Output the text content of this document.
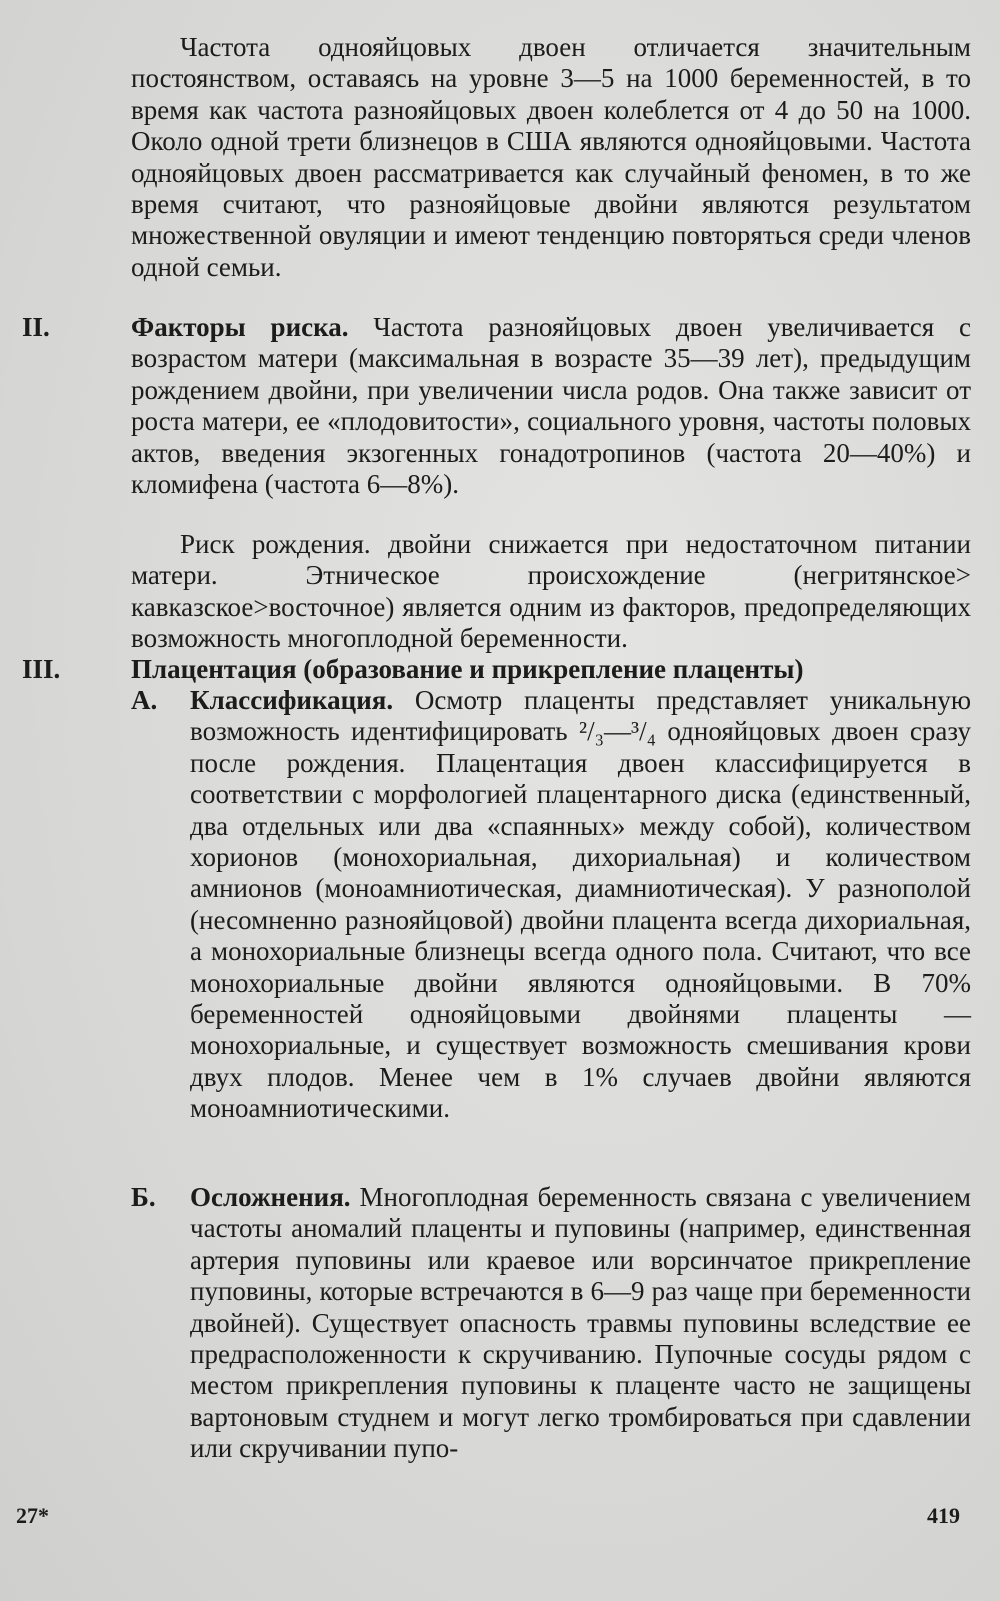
Частота однояйцовых двоен отличается значительным постоянством, оставаясь на уровне 3—5 на 1000 беременностей, в то время как частота разнояйцовых двоен колеблется от 4 до 50 на 1000. Около одной трети близнецов в США являются однояйцовыми. Частота однояйцовых двоен рассматривается как случайный феномен, в то же время считают, что разнояйцовые двойни являются результатом множественной овуляции и имеют тенденцию повторяться среди членов одной семьи.
II.	Факторы риска. Частота разнояйцовых двоен увеличивается с возрастом матери (максимальная в возрасте 35—39 лет), предыдущим рождением двойни, при увеличении числа родов. Она также зависит от роста матери, ее «плодовитости», социального уровня, частоты половых актов, введения экзогенных гонадотропинов (частота 20—40%) и кломифена (частота 6—8%).
Риск рождения. двойни снижается при недостаточном питании матери. Этническое происхождение (негритянское> кавказское>восточное) является одним из факторов, предопределяющих возможность многоплодной беременности.
III.	Плацентация (образование и прикрепление плаценты)
А. Классификация. Осмотр плаценты представляет уникальную возможность идентифицировать ²/₃—³/₄ однояйцовых двоен сразу после рождения. Плацентация двоен классифицируется в соответствии с морфологией плацентарного диска (единственный, два отдельных или два «спаянных» между собой), количеством хорионов (монохориальная, дихориальная) и количеством амнионов (моноамниотическая, диамниотическая). У разнополой (несомненно разнояйцовой) двойни плацента всегда дихориальная, а монохориальные близнецы всегда одного пола. Считают, что все монохориальные двойни являются однояйцовыми. В 70% беременностей однояйцовыми двойнями плаценты — монохориальные, и существует возможность смешивания крови двух плодов. Менее чем в 1% случаев двойни являются моноамниотическими.
Б. Осложнения. Многоплодная беременность связана с увеличением частоты аномалий плаценты и пуповины (например, единственная артерия пуповины или краевое или ворсинчатое прикрепление пуповины, которые встречаются в 6—9 раз чаще при беременности двойней). Существует опасность травмы пуповины вследствие ее предрасположенности к скручиванию. Пупочные сосуды рядом с местом прикрепления пуповины к плаценте часто не защищены вартоновым студнем и могут легко тромбироваться при сдавлении или скручивании пупо-
27*	419
